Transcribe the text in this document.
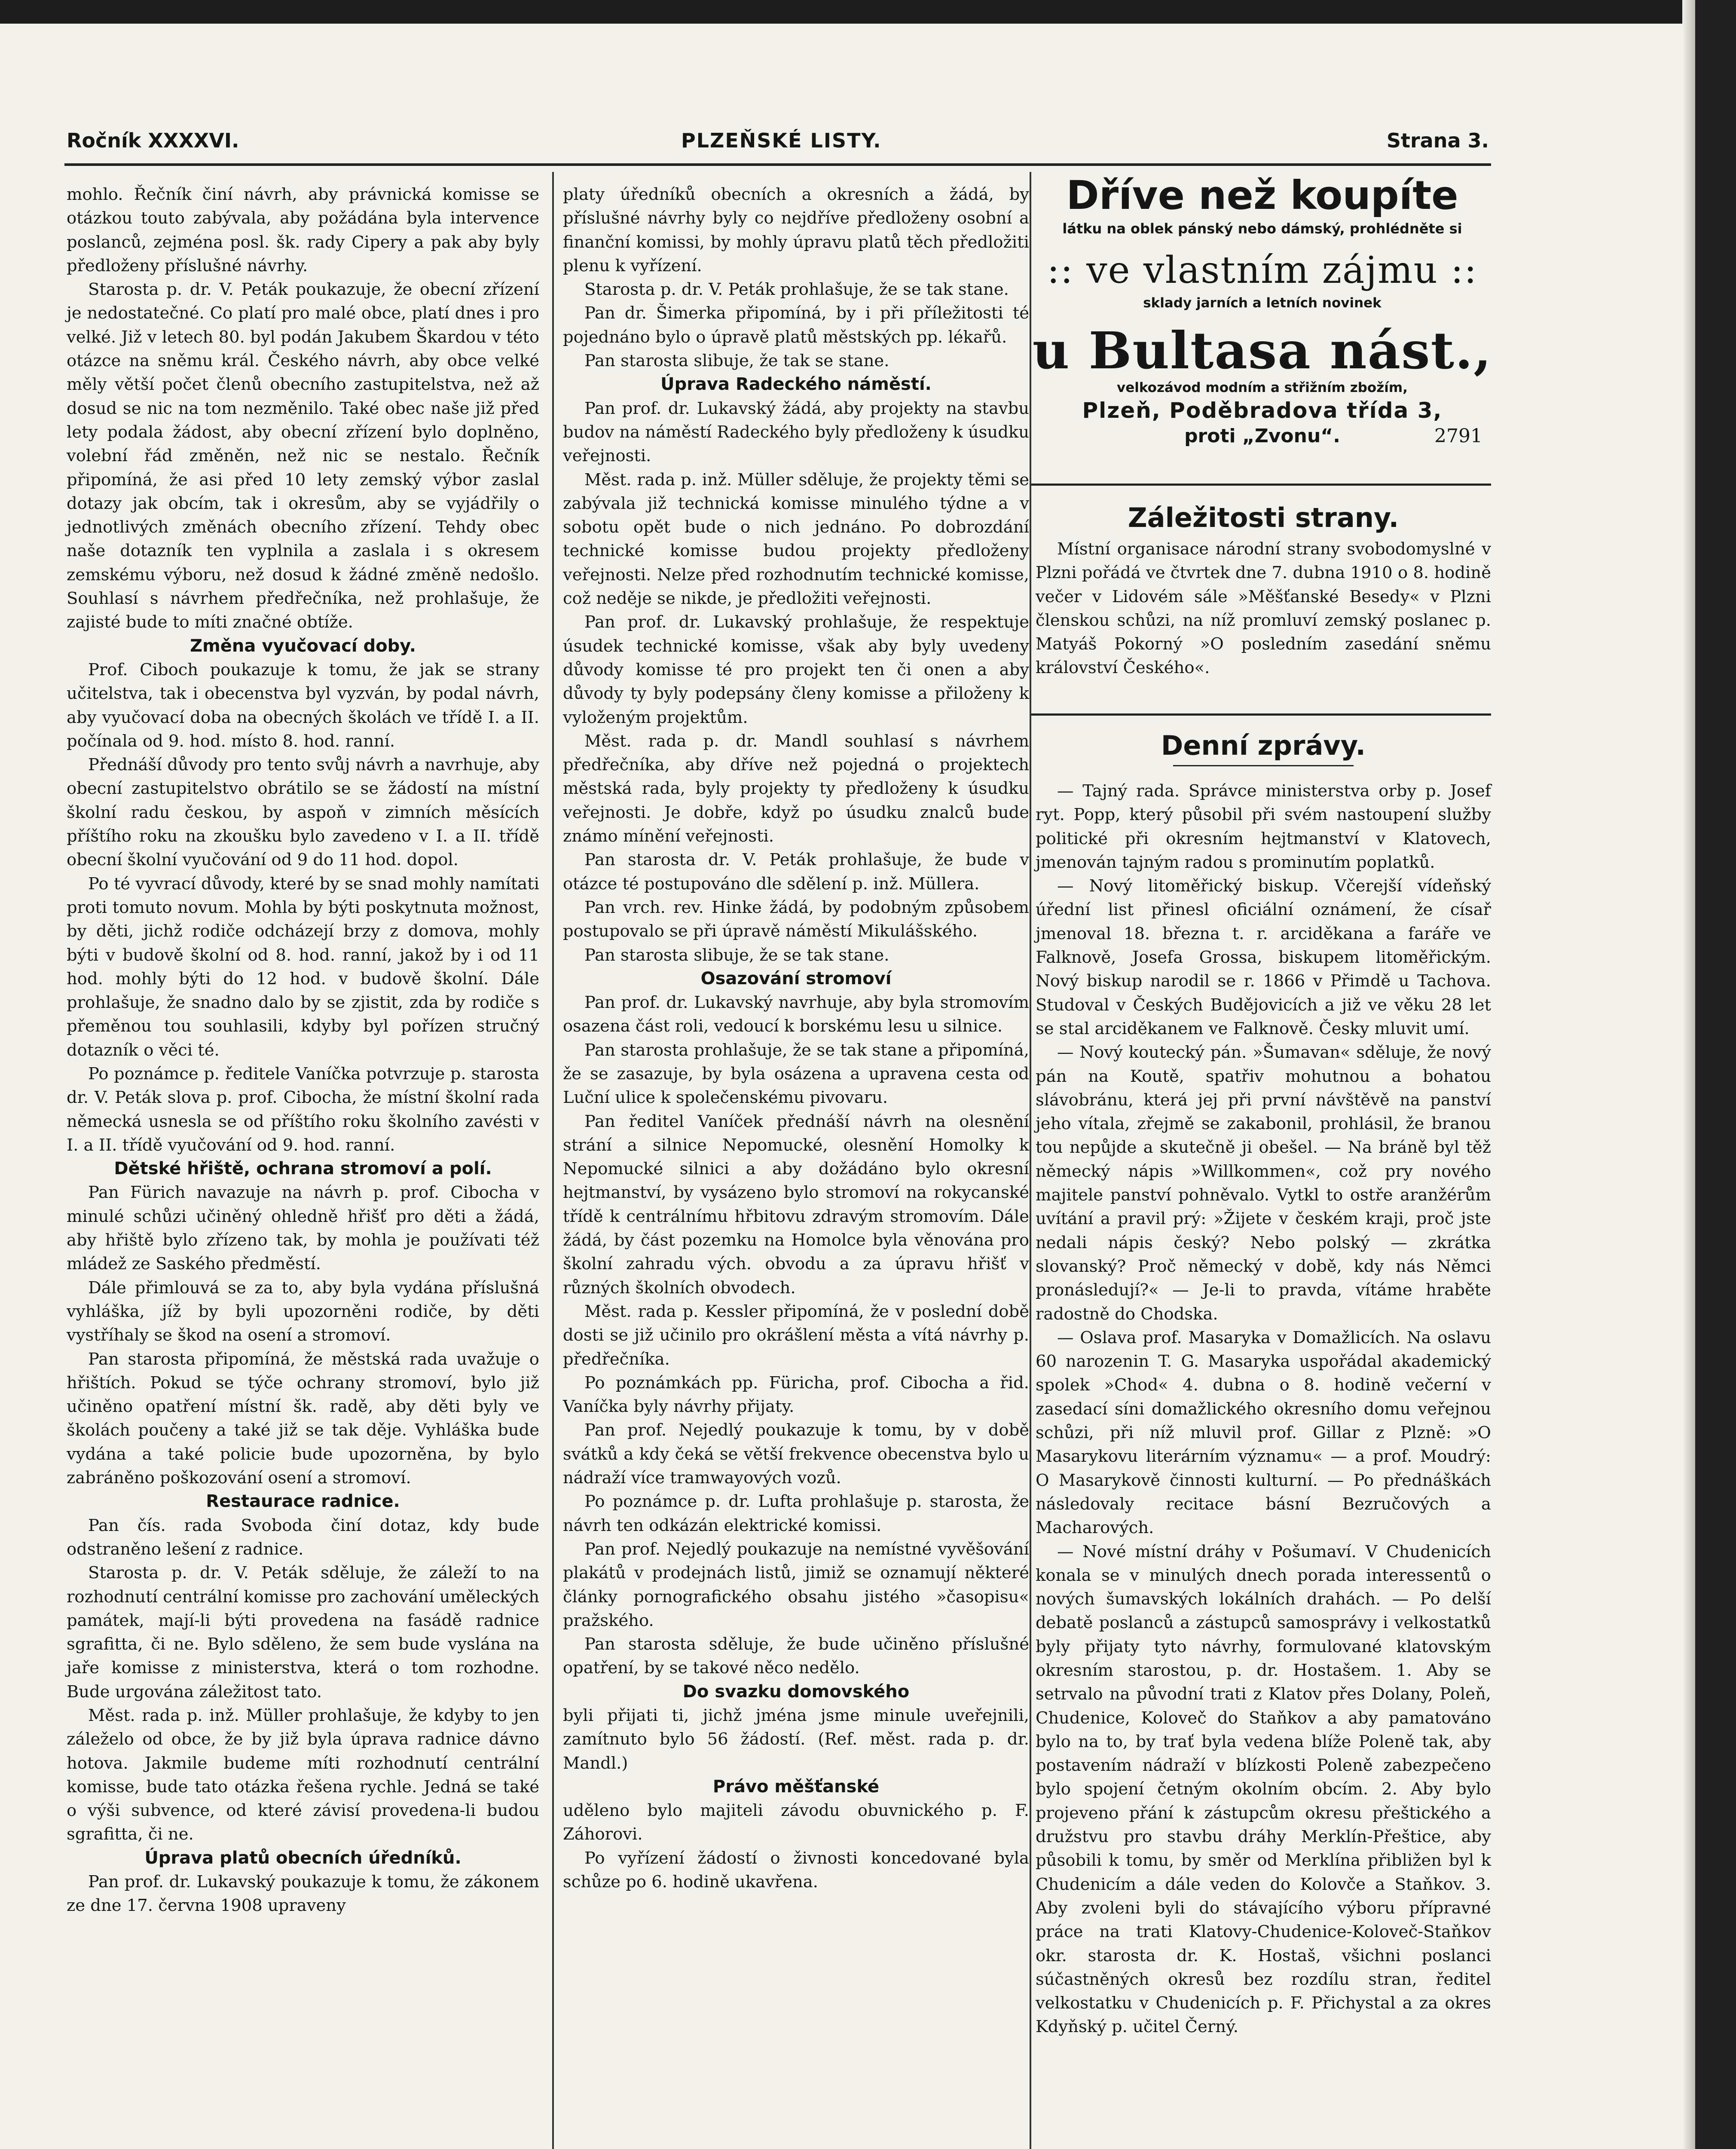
Ročník XXXXVI.	PLZEŇSKÉ LISTY.	Strana 3.

mohlo. Řečník činí návrh, aby právnická komisse se otázkou touto zabývala, aby požádána byla intervence poslanců, zejména posl. šk. rady Cipery a pak aby byly předloženy příslušné návrhy.

Starosta p. dr. V. Peták poukazuje, že obecní zřízení je nedostatečné. Co platí pro malé obce, platí dnes i pro velké. Již v letech 80. byl podán Jakubem Škardou v této otázce na sněmu král. Českého návrh, aby obce velké měly větší počet členů obecního zastupitelstva, než až dosud se nic na tom nezměnilo. Také obec naše již před lety podala žádost, aby obecní zřízení bylo doplněno, volební řád změněn, než nic se nestalo. Řečník připomíná, že asi před 10 lety zemský výbor zaslal dotazy jak obcím, tak i okresům, aby se vyjádřily o jednotlivých změnách obecního zřízení. Tehdy obec naše dotazník ten vyplnila a zaslala i s okresem zemskému výboru, než dosud k žádné změně nedošlo. Souhlasí s návrhem předřečníka, než prohlašuje, že zajisté bude to míti značné obtíže.

Změna vyučovací doby.

Prof. Ciboch poukazuje k tomu, že jak se strany učitelstva, tak i obecenstva byl vyzván, by podal návrh, aby vyučovací doba na obecných školách ve třídě I. a II. počínala od 9. hod. místo 8. hod. ranní.

Přednáší důvody pro tento svůj návrh a navrhuje, aby obecní zastupitelstvo obrátilo se se žádostí na místní školní radu českou, by aspoň v zimních měsících příštího roku na zkoušku bylo zavedeno v I. a II. třídě obecní školní vyučování od 9 do 11 hod. dopol.

Po té vyvrací důvody, které by se snad mohly namítati proti tomuto novum. Mohla by býti poskytnuta možnost, by děti, jichž rodiče odcházejí brzy z domova, mohly býti v budově školní od 8. hod. ranní, jakož by i od 11 hod. mohly býti do 12 hod. v budově školní. Dále prohlašuje, že snadno dalo by se zjistit, zda by rodiče s přeměnou tou souhlasili, kdyby byl pořízen stručný dotazník o věci té.

Po poznámce p. ředitele Vaníčka potvrzuje p. starosta dr. V. Peták slova p. prof. Cibocha, že místní školní rada německá usnesla se od příštího roku školního zavésti v I. a II. třídě vyučování od 9. hod. ranní.

Dětské hřiště, ochrana stromoví a polí.

Pan Fürich navazuje na návrh p. prof. Cibocha v minulé schůzi učiněný ohledně hřišť pro děti a žádá, aby hřiště bylo zřízeno tak, by mohla je používati též mládež ze Saského předměstí.

Dále přimlouvá se za to, aby byla vydána příslušná vyhláška, jíž by byli upozorněni rodiče, by děti vystříhaly se škod na osení a stromoví.

Pan starosta připomíná, že městská rada uvažuje o hřištích. Pokud se týče ochrany stromoví, bylo již učiněno opatření místní šk. radě, aby děti byly ve školách poučeny a také již se tak děje. Vyhláška bude vydána a také policie bude upozorněna, by bylo zabráněno poškozování osení a stromoví.

Restaurace radnice.

Pan čís. rada Svoboda činí dotaz, kdy bude odstraněno lešení z radnice.

Starosta p. dr. V. Peták sděluje, že záleží to na rozhodnutí centrální komisse pro zachování uměleckých památek, mají-li býti provedena na fasádě radnice sgrafitta, či ne. Bylo sděleno, že sem bude vyslána na jaře komisse z ministerstva, která o tom rozhodne. Bude urgována záležitost tato.

Měst. rada p. inž. Müller prohlašuje, že kdyby to jen záleželo od obce, že by již byla úprava radnice dávno hotova. Jakmile budeme míti rozhodnutí centrální komisse, bude tato otázka řešena rychle. Jedná se také o výši subvence, od které závisí provedena-li budou sgrafitta, či ne.

Úprava platů obecních úředníků.

Pan prof. dr. Lukavský poukazuje k tomu, že zákonem ze dne 17. června 1908 upraveny

platy úředníků obecních a okresních a žádá, by příslušné návrhy byly co nejdříve předloženy osobní a finanční komissi, by mohly úpravu platů těch předložiti plenu k vyřízení.

Starosta p. dr. V. Peták prohlašuje, že se tak stane.

Pan dr. Šimerka připomíná, by i při příležitosti té pojednáno bylo o úpravě platů městských pp. lékařů.

Pan starosta slibuje, že tak se stane.

Úprava Radeckého náměstí.

Pan prof. dr. Lukavský žádá, aby projekty na stavbu budov na náměstí Radeckého byly předloženy k úsudku veřejnosti.

Měst. rada p. inž. Müller sděluje, že projekty těmi se zabývala již technická komisse minulého týdne a v sobotu opět bude o nich jednáno. Po dobrozdání technické komisse budou projekty předloženy veřejnosti. Nelze před rozhodnutím technické komisse, což neděje se nikde, je předložiti veřejnosti.

Pan prof. dr. Lukavský prohlašuje, že respektuje úsudek technické komisse, však aby byly uvedeny důvody komisse té pro projekt ten či onen a aby důvody ty byly podepsány členy komisse a přiloženy k vyloženým projektům.

Měst. rada p. dr. Mandl souhlasí s návrhem předřečníka, aby dříve než pojedná o projektech městská rada, byly projekty ty předloženy k úsudku veřejnosti. Je dobře, když po úsudku znalců bude známo mínění veřejnosti.

Pan starosta dr. V. Peták prohlašuje, že bude v otázce té postupováno dle sdělení p. inž. Müllera.

Pan vrch. rev. Hinke žádá, by podobným způsobem postupovalo se při úpravě náměstí Mikulášského.

Pan starosta slibuje, že se tak stane.

Osazování stromoví

Pan prof. dr. Lukavský navrhuje, aby byla stromovím osazena část roli, vedoucí k borskému lesu u silnice.

Pan starosta prohlašuje, že se tak stane a připomíná, že se zasazuje, by byla osázena a upravena cesta od Luční ulice k společenskému pivovaru.

Pan ředitel Vaníček přednáší návrh na olesnění strání a silnice Nepomucké, olesnění Homolky k Nepomucké silnici a aby dožádáno bylo okresní hejtmanství, by vysázeno bylo stromoví na rokycanské třídě k centrálnímu hřbitovu zdravým stromovím. Dále žádá, by část pozemku na Homolce byla věnována pro školní zahradu vých. obvodu a za úpravu hřišť v různých školních obvodech.

Měst. rada p. Kessler připomíná, že v poslední době dosti se již učinilo pro okrášlení města a vítá návrhy p. předřečníka.

Po poznámkách pp. Füricha, prof. Cibocha a řid. Vaníčka byly návrhy přijaty.

Pan prof. Nejedlý poukazuje k tomu, by v době svátků a kdy čeká se větší frekvence obecenstva bylo u nádraží více tramwayových vozů.

Po poznámce p. dr. Lufta prohlašuje p. starosta, že návrh ten odkázán elektrické komissi.

Pan prof. Nejedlý poukazuje na nemístné vyvěšování plakátů v prodejnách listů, jimiž se oznamují některé články pornografického obsahu jistého »časopisu« pražského.

Pan starosta sděluje, že bude učiněno příslušné opatření, by se takové něco nedělo.

Do svazku domovského

byli přijati ti, jichž jména jsme minule uveřejnili, zamítnuto bylo 56 žádostí. (Ref. měst. rada p. dr. Mandl.)

Právo měšťanské

uděleno bylo majiteli závodu obuvnického p. F. Záhorovi.

Po vyřízení žádostí o živnosti koncedované byla schůze po 6. hodině ukavřena.

Dříve než koupíte
látku na oblek pánský nebo dámský, prohlédněte si
:: ve vlastním zájmu ::
sklady jarních a letních novinek
u Bultasa nást.,
velkozávod modním a střižním zbožím,
Plzeň, Poděbradova třída 3,
proti „Zvonu“.	2791
Záležitosti strany.

Místní organisace národní strany svobodomyslné v Plzni pořádá ve čtvrtek dne 7. dubna 1910 o 8. hodině večer v Lidovém sále »Měšťanské Besedy« v Plzni členskou schůzi, na níž promluví zemský poslanec p. Matyáš Pokorný »O posledním zasedání sněmu království Českého«.

Denní zprávy.

— Tajný rada. Správce ministerstva orby p. Josef ryt. Popp, který působil při svém nastoupení služby politické při okresním hejtmanství v Klatovech, jmenován tajným radou s prominutím poplatků.

— Nový litoměřický biskup. Včerejší vídeňský úřední list přinesl oficiální oznámení, že císař jmenoval 18. března t. r. arciděkana a faráře ve Falknově, Josefa Grossa, biskupem litoměřickým. Nový biskup narodil se r. 1866 v Přimdě u Tachova. Studoval v Českých Budějovicích a již ve věku 28 let se stal arciděkanem ve Falknově. Česky mluvit umí.

— Nový koutecký pán. »Šumavan« sděluje, že nový pán na Koutě, spatřiv mohutnou a bohatou slávobránu, která jej při první návštěvě na panství jeho vítala, zřejmě se zakabonil, prohlásil, že branou tou nepůjde a skutečně ji obešel. — Na bráně byl těž německý nápis »Willkommen«, což pry nového majitele panství pohněvalo. Vytkl to ostře aranžérům uvítání a pravil prý: »Žijete v českém kraji, proč jste nedali nápis český? Nebo polský — zkrátka slovanský? Proč německý v době, kdy nás Němci pronásledují?« — Je-li to pravda, vítáme hraběte radostně do Chodska.

— Oslava prof. Masaryka v Domažlicích. Na oslavu 60 narozenin T. G. Masaryka uspořádal akademický spolek »Chod« 4. dubna o 8. hodině večerní v zasedací síni domažlického okresního domu veřejnou schůzi, při níž mluvil prof. Gillar z Plzně: »O Masarykovu literárním významu« — a prof. Moudrý: O Masarykově činnosti kulturní. — Po přednáškách následovaly recitace básní Bezručových a Macharových.

— Nové místní dráhy v Pošumaví. V Chudenicích konala se v minulých dnech porada interessentů o nových šumavských lokálních drahách. — Po delší debatě poslanců a zástupců samosprávy i velkostatků byly přijaty tyto návrhy, formulované klatovským okresním starostou, p. dr. Hostašem. 1. Aby se setrvalo na původní trati z Klatov přes Dolany, Poleň, Chudenice, Kolovеč do Staňkov a aby pamatováno bylo na to, by trať byla vedena blíže Poleně tak, aby postavením nádraží v blízkosti Poleně zabezpečeno bylo spojení četným okolním obcím. 2. Aby bylo projeveno přání k zástupcům okresu přeštického a družstvu pro stavbu dráhy Merklín-Přeštice, aby působili k tomu, by směr od Merklína přibližen byl k Chudenicím a dále veden do Kolovče a Staňkov. 3. Aby zvoleni byli do stávajícího výboru přípravné práce na trati Klatovy-Chudenice-Kolovеč-Staňkov okr. starosta dr. K. Hostaš, všichni poslanci súčastněných okresů bez rozdílu stran, ředitel velkostatku v Chudenicích p. F. Přichystal a za okres Kdyňský p. učitel Černý.
